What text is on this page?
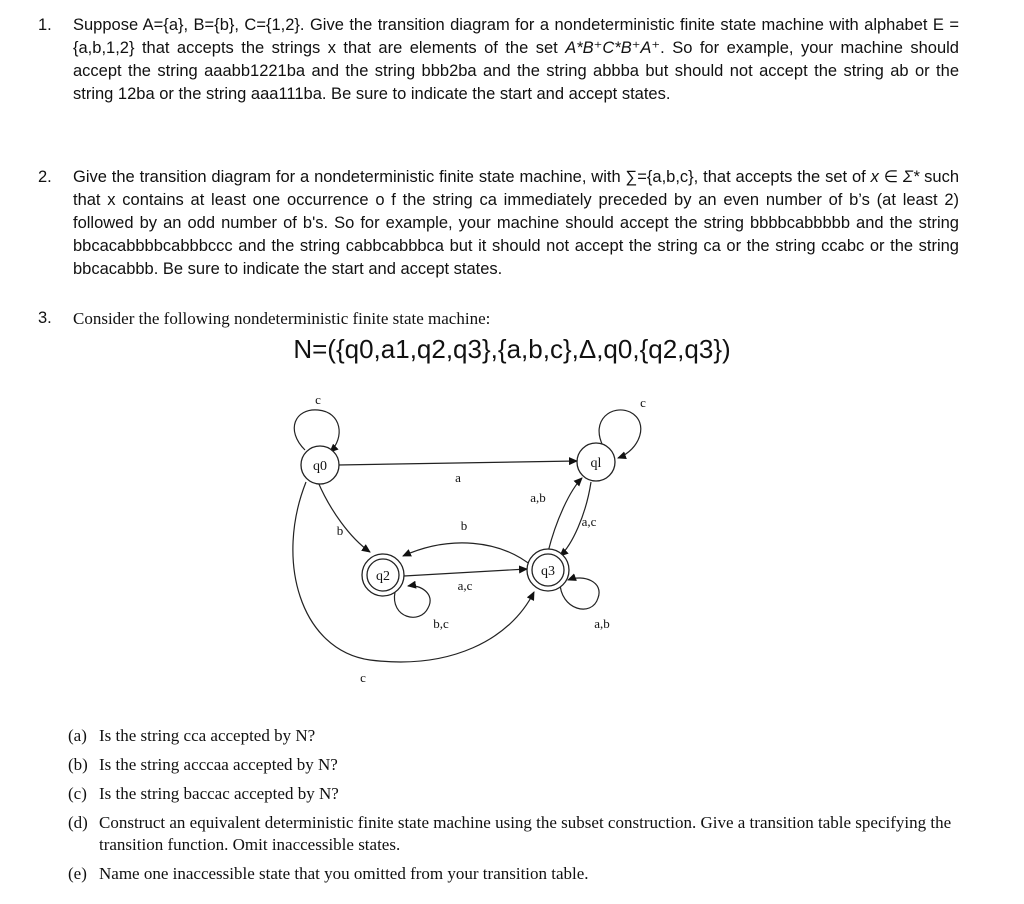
1.	Suppose A={a}, B={b}, C={1,2}. Give the transition diagram for a nondeterministic finite state machine with alphabet E ={a,b,1,2} that accepts the strings x that are elements of the set A*B⁺C*B⁺A⁺. So for example, your machine should accept the string aaabb1221ba and the string bbb2ba and the string abbba but should not accept the string ab or the string 12ba or the string aaa111ba. Be sure to indicate the start and accept states.

2.	Give the transition diagram for a nondeterministic finite state machine, with ∑={a,b,c}, that accepts the set of x ∈ Σ* such that x contains at least one occurrence o f the string ca immediately preceded by an even number of b’s (at least 2) followed by an odd number of b's. So for example, your machine should accept the string bbbbcabbbbb and the string bbcacabbbbcabbbccc and the string cabbcabbbca but it should not accept the string ca or the string ccabc or the string bbcacabbb. Be sure to indicate the start and accept states.

3.	Consider the following nondeterministic finite state machine:

N=({q0,a1,q2,q3},{a,b,c},Δ,q0,{q2,q3})
q0	ql
q2	q3
c	c
a
b
c
a,b
a,c
b
a,c
b,c	a,b
(a) Is the string cca accepted by N?
(b) Is the string acccaa accepted by N?
(c) Is the string baccac accepted by N?
(d) Construct an equivalent deterministic finite state machine using the subset construction. Give a transition table specifying the transition function. Omit inaccessible states.
(e) Name one inaccessible state that you omitted from your transition table.
